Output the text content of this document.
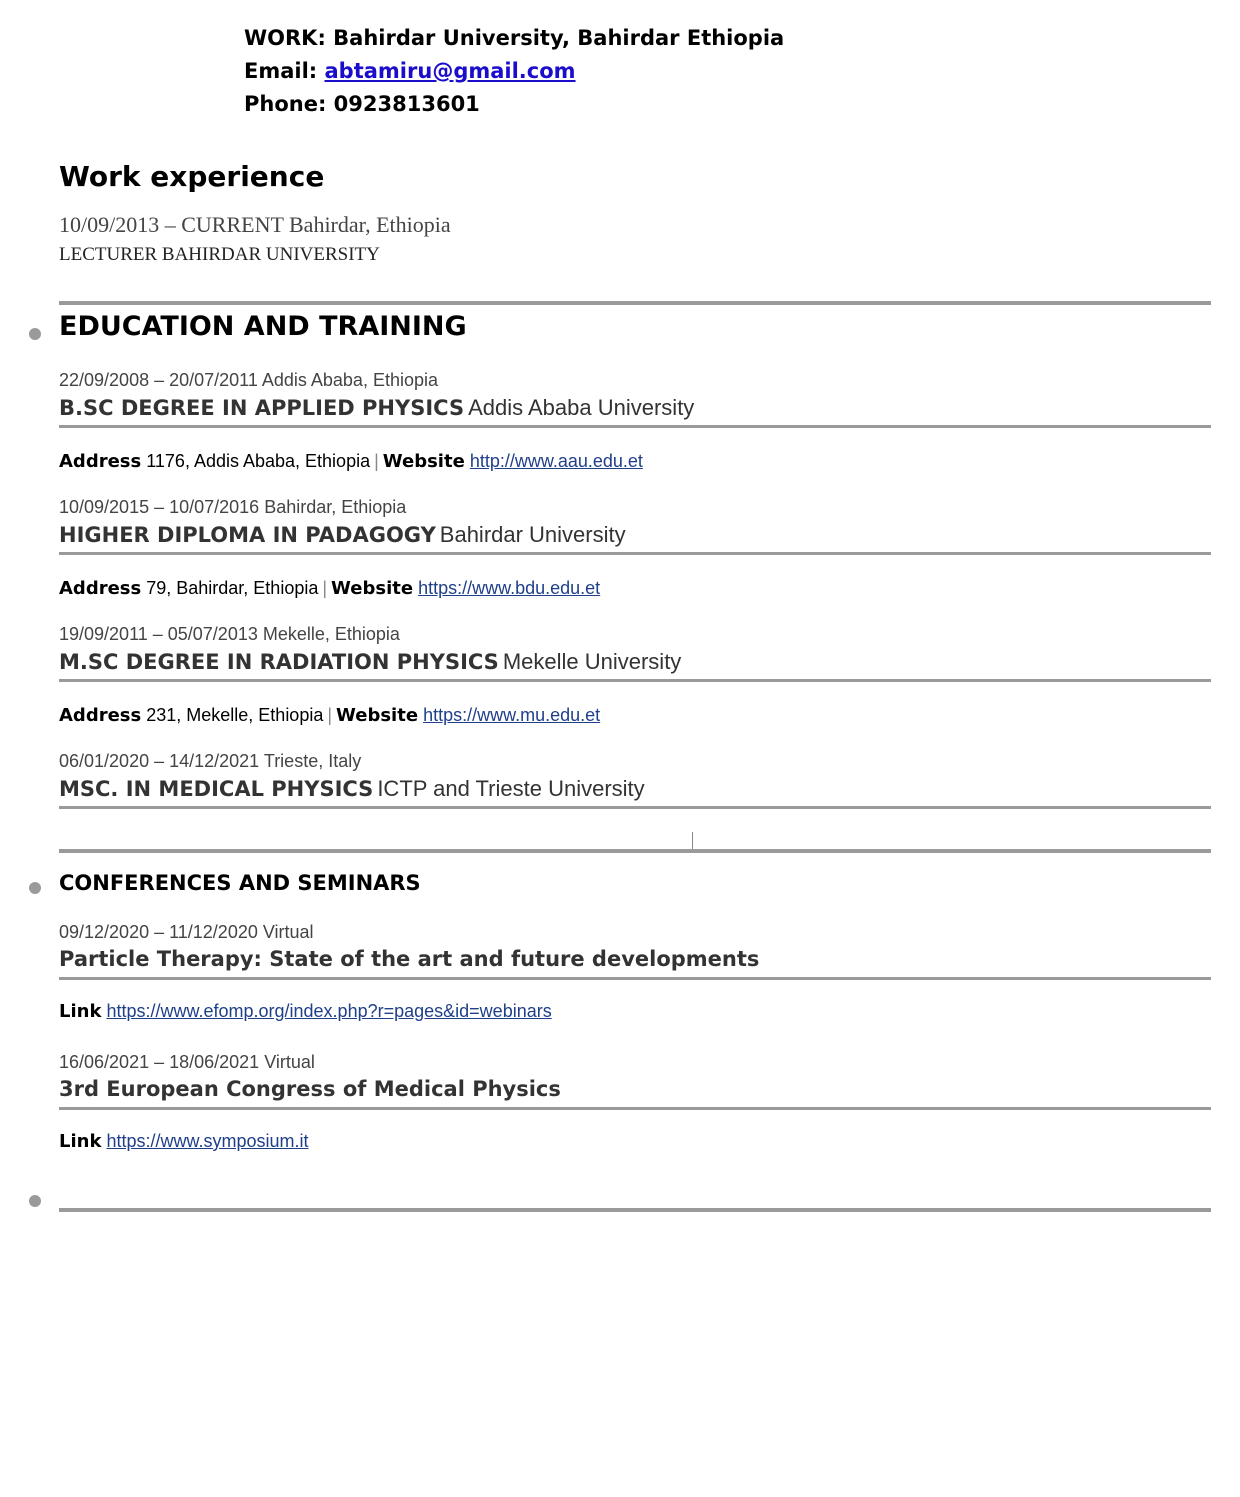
WORK: Bahirdar University, Bahirdar Ethiopia
Email: abtamiru@gmail.com
Phone: 0923813601
Work experience
10/09/2013 – CURRENT Bahirdar, Ethiopia
LECTURER BAHIRDAR UNIVERSITY
EDUCATION AND TRAINING
22/09/2008 – 20/07/2011 Addis Ababa, Ethiopia
B.SC DEGREE IN APPLIED PHYSICS Addis Ababa University
Address 1176, Addis Ababa, Ethiopia | Website http://www.aau.edu.et
10/09/2015 – 10/07/2016 Bahirdar, Ethiopia
HIGHER DIPLOMA IN PADAGOGY Bahirdar University
Address 79, Bahirdar, Ethiopia | Website https://www.bdu.edu.et
19/09/2011 – 05/07/2013 Mekelle, Ethiopia
M.SC DEGREE IN RADIATION PHYSICS Mekelle University
Address 231, Mekelle, Ethiopia | Website https://www.mu.edu.et
06/01/2020 – 14/12/2021 Trieste, Italy
MSC. IN MEDICAL PHYSICS ICTP and Trieste University
CONFERENCES AND SEMINARS
09/12/2020 – 11/12/2020 Virtual
Particle Therapy: State of the art and future developments
Link https://www.efomp.org/index.php?r=pages&id=webinars
16/06/2021 – 18/06/2021 Virtual
3rd European Congress of Medical Physics
Link https://www.symposium.it
